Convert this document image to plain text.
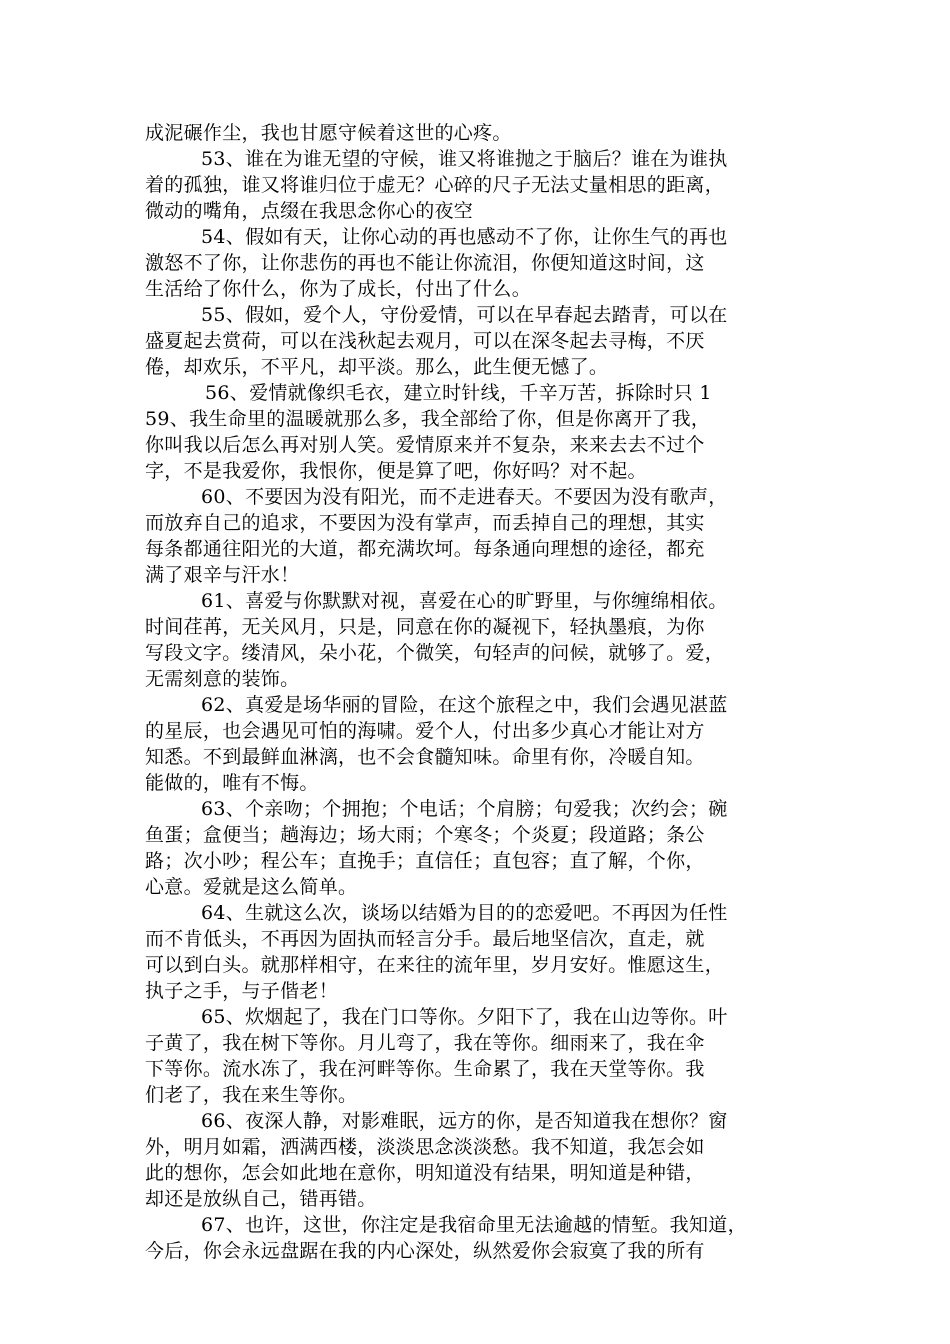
成泥碾作尘，我也甘愿守候着这世的心疼。
53、谁在为谁无望的守候，谁又将谁抛之于脑后？谁在为谁执
着的孤独，谁又将谁归位于虚无？心碎的尺子无法丈量相思的距离，
微动的嘴角，点缀在我思念你心的夜空
54、假如有天，让你心动的再也感动不了你，让你生气的再也
激怒不了你，让你悲伤的再也不能让你流泪，你便知道这时间，这
生活给了你什么，你为了成长，付出了什么。
55、假如，爱个人，守份爱情，可以在早春起去踏青，可以在
盛夏起去赏荷，可以在浅秋起去观月，可以在深冬起去寻梅，不厌
倦，却欢乐，不平凡，却平淡。那么，此生便无憾了。
56、爱情就像织毛衣，建立时针线，千辛万苦，拆除时只 1
59、我生命里的温暖就那么多，我全部给了你，但是你离开了我，
你叫我以后怎么再对别人笑。爱情原来并不复杂，来来去去不过个
字，不是我爱你，我恨你，便是算了吧，你好吗？对不起。
60、不要因为没有阳光，而不走进春天。不要因为没有歌声，
而放弃自己的追求，不要因为没有掌声，而丢掉自己的理想，其实
每条都通往阳光的大道，都充满坎坷。每条通向理想的途径，都充
满了艰辛与汗水！
61、喜爱与你默默对视，喜爱在心的旷野里，与你缠绵相依。
时间荏苒，无关风月，只是，同意在你的凝视下，轻执墨痕，为你
写段文字。缕清风，朵小花，个微笑，句轻声的问候，就够了。爱，
无需刻意的装饰。
62、真爱是场华丽的冒险，在这个旅程之中，我们会遇见湛蓝
的星辰，也会遇见可怕的海啸。爱个人，付出多少真心才能让对方
知悉。不到最鲜血淋漓，也不会食髓知味。命里有你，冷暖自知。
能做的，唯有不悔。
63、个亲吻；个拥抱；个电话；个肩膀；句爱我；次约会；碗
鱼蛋；盒便当；趟海边；场大雨；个寒冬；个炎夏；段道路；条公
路；次小吵；程公车；直挽手；直信任；直包容；直了解，个你，
心意。爱就是这么简单。
64、生就这么次，谈场以结婚为目的的恋爱吧。不再因为任性
而不肯低头，不再因为固执而轻言分手。最后地坚信次，直走，就
可以到白头。就那样相守，在来往的流年里，岁月安好。惟愿这生，
执子之手，与子偕老！
65、炊烟起了，我在门口等你。夕阳下了，我在山边等你。叶
子黄了，我在树下等你。月儿弯了，我在等你。细雨来了，我在伞
下等你。流水冻了，我在河畔等你。生命累了，我在天堂等你。我
们老了，我在来生等你。
66、夜深人静，对影难眠，远方的你，是否知道我在想你？窗
外，明月如霜，洒满西楼，淡淡思念淡淡愁。我不知道，我怎会如
此的想你，怎会如此地在意你，明知道没有结果，明知道是种错，
却还是放纵自己，错再错。
67、也许，这世，你注定是我宿命里无法逾越的情堑。我知道，
今后，你会永远盘踞在我的内心深处，纵然爱你会寂寞了我的所有
